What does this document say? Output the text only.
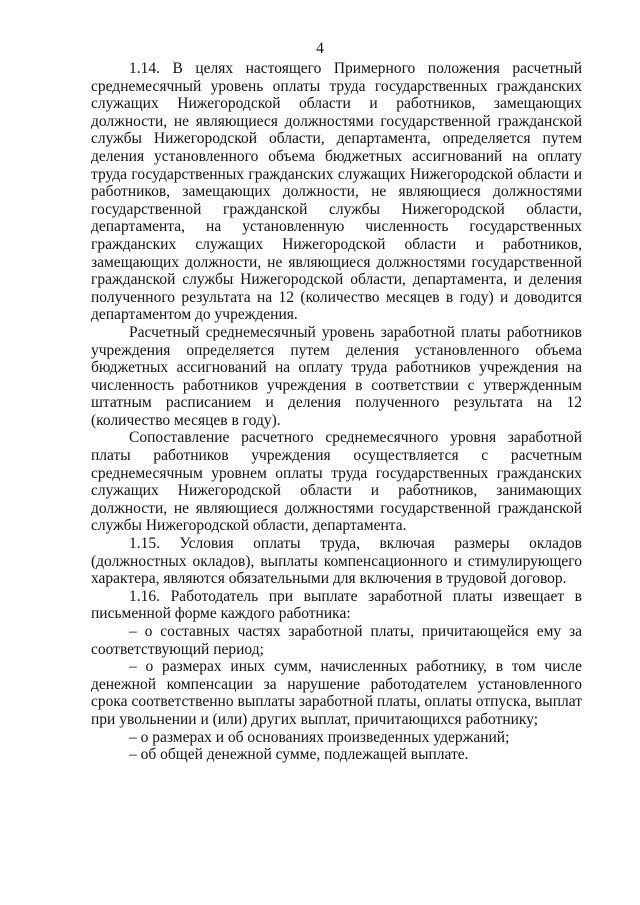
4

1.14. В целях настоящего Примерного положения расчетный среднемесячный уровень оплаты труда государственных гражданских служащих Нижегородской области и работников, замещающих должности, не являющиеся должностями государственной гражданской службы Нижегородской области, департамента, определяется путем деления установленного объема бюджетных ассигнований на оплату труда государственных гражданских служащих Нижегородской области и работников, замещающих должности, не являющиеся должностями государственной гражданской службы Нижегородской области, департамента, на установленную численность государственных гражданских служащих Нижегородской области и работников, замещающих должности, не являющиеся должностями государственной гражданской службы Нижегородской области, департамента, и деления полученного результата на 12 (количество месяцев в году) и доводится департаментом до учреждения.

Расчетный среднемесячный уровень заработной платы работников учреждения определяется путем деления установленного объема бюджетных ассигнований на оплату труда работников учреждения на численность работников учреждения в соответствии с утвержденным штатным расписанием и деления полученного результата на 12 (количество месяцев в году).

Сопоставление расчетного среднемесячного уровня заработной платы работников учреждения осуществляется с расчетным среднемесячным уровнем оплаты труда государственных гражданских служащих Нижегородской области и работников, занимающих должности, не являющиеся должностями государственной гражданской службы Нижегородской области, департамента.

1.15. Условия оплаты труда, включая размеры окладов (должностных окладов), выплаты компенсационного и стимулирующего характера, являются обязательными для включения в трудовой договор.

1.16. Работодатель при выплате заработной платы извещает в письменной форме каждого работника:

– о составных частях заработной платы, причитающейся ему за соответствующий период;

– о размерах иных сумм, начисленных работнику, в том числе денежной компенсации за нарушение работодателем установленного срока соответственно выплаты заработной платы, оплаты отпуска, выплат при увольнении и (или) других выплат, причитающихся работнику;

– о размерах и об основаниях произведенных удержаний;

– об общей денежной сумме, подлежащей выплате.
